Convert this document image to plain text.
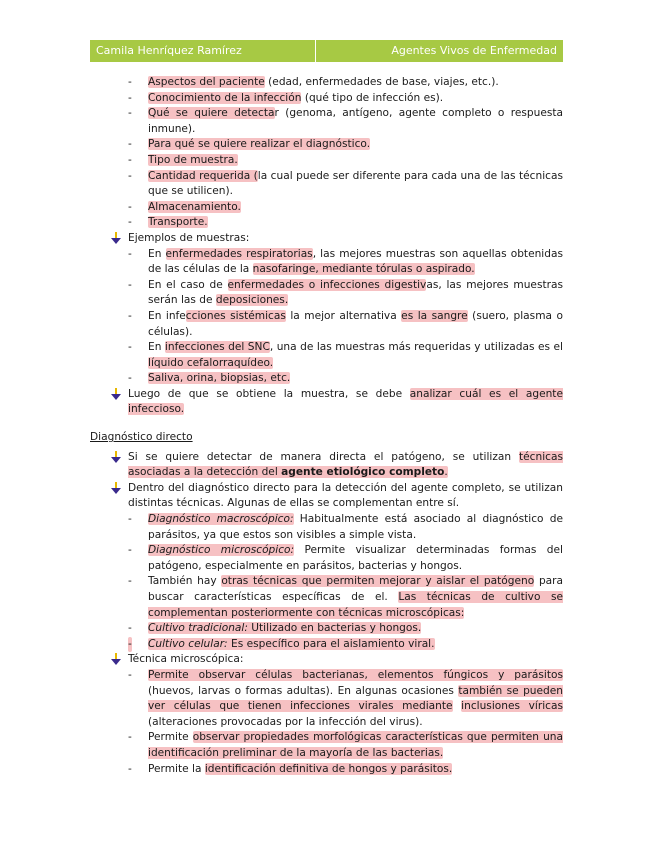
Camila Henríquez Ramírez	Agentes Vivos de Enfermedad
- Aspectos del paciente (edad, enfermedades de base, viajes, etc.).
- Conocimiento de la infección (qué tipo de infección es).
- Qué se quiere detectar (genoma, antígeno, agente completo o respuesta inmune).
- Para qué se quiere realizar el diagnóstico.
- Tipo de muestra.
- Cantidad requerida (la cual puede ser diferente para cada una de las técnicas que se utilicen).
- Almacenamiento.
- Transporte.
Ejemplos de muestras:
- En enfermedades respiratorias, las mejores muestras son aquellas obtenidas de las células de la nasofaringe, mediante tórulas o aspirado.
- En el caso de enfermedades o infecciones digestivas, las mejores muestras serán las de deposiciones.
- En infecciones sistémicas la mejor alternativa es la sangre (suero, plasma o células).
- En infecciones del SNC, una de las muestras más requeridas y utilizadas es el líquido cefalorraquídeo.
- Saliva, orina, biopsias, etc.
Luego de que se obtiene la muestra, se debe analizar cuál es el agente infeccioso.
Diagnóstico directo
Si se quiere detectar de manera directa el patógeno, se utilizan técnicas asociadas a la detección del agente etiológico completo.
Dentro del diagnóstico directo para la detección del agente completo, se utilizan distintas técnicas. Algunas de ellas se complementan entre sí.
- Diagnóstico macroscópico: Habitualmente está asociado al diagnóstico de parásitos, ya que estos son visibles a simple vista.
- Diagnóstico microscópico: Permite visualizar determinadas formas del patógeno, especialmente en parásitos, bacterias y hongos.
- También hay otras técnicas que permiten mejorar y aislar el patógeno para buscar características específicas de el. Las técnicas de cultivo se complementan posteriormente con técnicas microscópicas:
- Cultivo tradicional: Utilizado en bacterias y hongos.
- Cultivo celular: Es específico para el aislamiento viral.
Técnica microscópica:
- Permite observar células bacterianas, elementos fúngicos y parásitos (huevos, larvas o formas adultas). En algunas ocasiones también se pueden ver células que tienen infecciones virales mediante inclusiones víricas (alteraciones provocadas por la infección del virus).
- Permite observar propiedades morfológicas características que permiten una identificación preliminar de la mayoría de las bacterias.
- Permite la identificación definitiva de hongos y parásitos.
